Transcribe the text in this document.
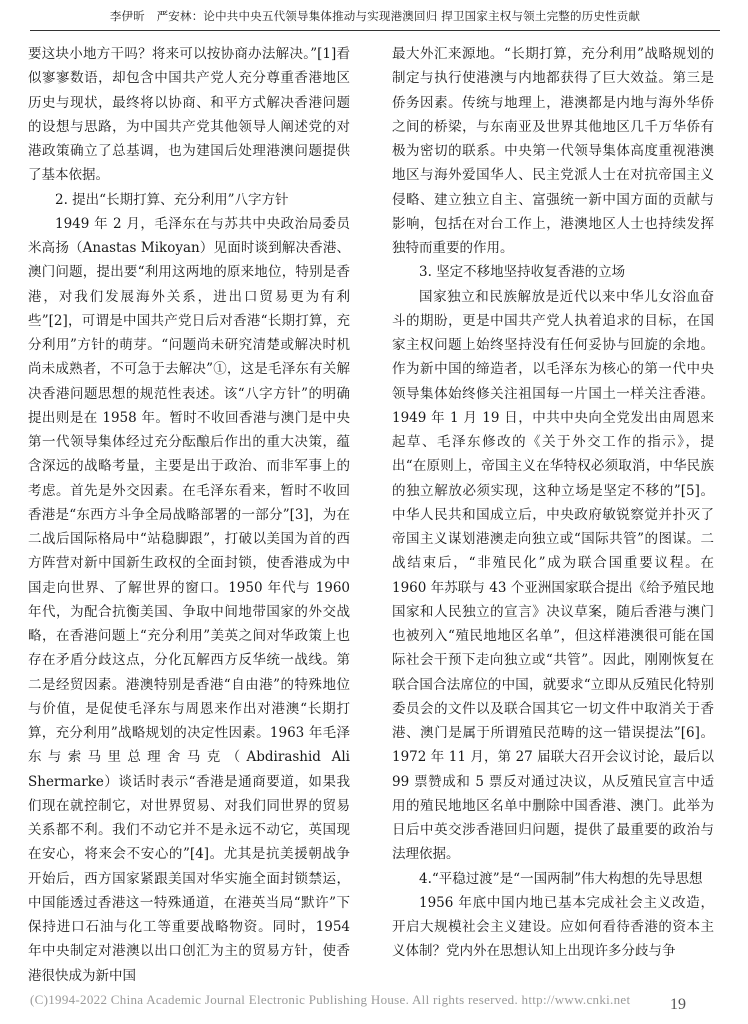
李伊昕　严安林：论中共中央五代领导集体推动与实现港澳回归 捍卫国家主权与领土完整的历史性贡献

要这块小地方干吗？将来可以按协商办法解决。”[1]看似寥寥数语，却包含中国共产党人充分尊重香港地区历史与现状，最终将以协商、和平方式解决香港问题的设想与思路，为中国共产党其他领导人阐述党的对港政策确立了总基调，也为建国后处理港澳问题提供了基本依据。

2. 提出“长期打算、充分利用”八字方针

1949 年 2 月，毛泽东在与苏共中央政治局委员米高扬（Anastas Mikoyan）见面时谈到解决香港、澳门问题，提出要“利用这两地的原来地位，特别是香港，对我们发展海外关系，进出口贸易更为有利些”[2]，可谓是中国共产党日后对香港“长期打算，充分利用”方针的萌芽。“问题尚未研究清楚或解决时机尚未成熟者，不可急于去解决”①，这是毛泽东有关解决香港问题思想的规范性表述。该“八字方针”的明确提出则是在 1958 年。暂时不收回香港与澳门是中央第一代领导集体经过充分酝酿后作出的重大决策，蕴含深远的战略考量，主要是出于政治、而非军事上的考虑。首先是外交因素。在毛泽东看来，暂时不收回香港是“东西方斗争全局战略部署的一部分”[3]，为在二战后国际格局中“站稳脚跟”，打破以美国为首的西方阵营对新中国新生政权的全面封锁，使香港成为中国走向世界、了解世界的窗口。1950 年代与 1960 年代，为配合抗衡美国、争取中间地带国家的外交战略，在香港问题上“充分利用”美英之间对华政策上也存在矛盾分歧这点，分化瓦解西方反华统一战线。第二是经贸因素。港澳特别是香港“自由港”的特殊地位与价值，是促使毛泽东与周恩来作出对港澳“长期打算，充分利用”战略规划的决定性因素。1963 年毛泽东与索马里总理舍马克（Abdirashid Ali Shermarke）谈话时表示“香港是通商要道，如果我们现在就控制它，对世界贸易、对我们同世界的贸易关系都不利。我们不动它并不是永远不动它，英国现在安心，将来会不安心的”[4]。尤其是抗美援朝战争开始后，西方国家紧跟美国对华实施全面封锁禁运，中国能透过香港这一特殊通道，在港英当局“默许”下保持进口石油与化工等重要战略物资。同时，1954 年中央制定对港澳以出口创汇为主的贸易方针，使香港很快成为新中国

最大外汇来源地。“长期打算，充分利用”战略规划的制定与执行使港澳与内地都获得了巨大效益。第三是侨务因素。传统与地理上，港澳都是内地与海外华侨之间的桥梁，与东南亚及世界其他地区几千万华侨有极为密切的联系。中央第一代领导集体高度重视港澳地区与海外爱国华人、民主党派人士在对抗帝国主义侵略、建立独立自主、富强统一新中国方面的贡献与影响，包括在对台工作上，港澳地区人士也持续发挥独特而重要的作用。

3. 坚定不移地坚持收复香港的立场

国家独立和民族解放是近代以来中华儿女浴血奋斗的期盼，更是中国共产党人执着追求的目标，在国家主权问题上始终坚持没有任何妥协与回旋的余地。作为新中国的缔造者，以毛泽东为核心的第一代中央领导集体始终修关注祖国每一片国土一样关注香港。1949 年 1 月 19 日，中共中央向全党发出由周恩来起草、毛泽东修改的《关于外交工作的指示》，提出“在原则上，帝国主义在华特权必须取消，中华民族的独立解放必须实现，这种立场是坚定不移的”[5]。中华人民共和国成立后，中央政府敏锐察觉并扑灭了帝国主义谋划港澳走向独立或“国际共管”的图谋。二战结束后，“非殖民化”成为联合国重要议程。在 1960 年苏联与 43 个亚洲国家联合提出《给予殖民地国家和人民独立的宣言》决议草案，随后香港与澳门也被列入“殖民地地区名单”，但这样港澳很可能在国际社会干预下走向独立或“共管”。因此，刚刚恢复在联合国合法席位的中国，就要求“立即从反殖民化特别委员会的文件以及联合国其它一切文件中取消关于香港、澳门是属于所谓殖民范畴的这一错误提法”[6]。1972 年 11 月，第 27 届联大召开会议讨论，最后以 99 票赞成和 5 票反对通过决议，从反殖民宣言中适用的殖民地地区名单中删除中国香港、澳门。此举为日后中英交涉香港回归问题，提供了最重要的政治与法理依据。

4.“平稳过渡”是“一国两制”伟大构想的先导思想

1956 年底中国内地已基本完成社会主义改造，开启大规模社会主义建设。应如何看待香港的资本主义体制？党内外在思想认知上出现许多分歧与争

(C)1994-2022 China Academic Journal Electronic Publishing House. All rights reserved. http://www.cnki.net	19
